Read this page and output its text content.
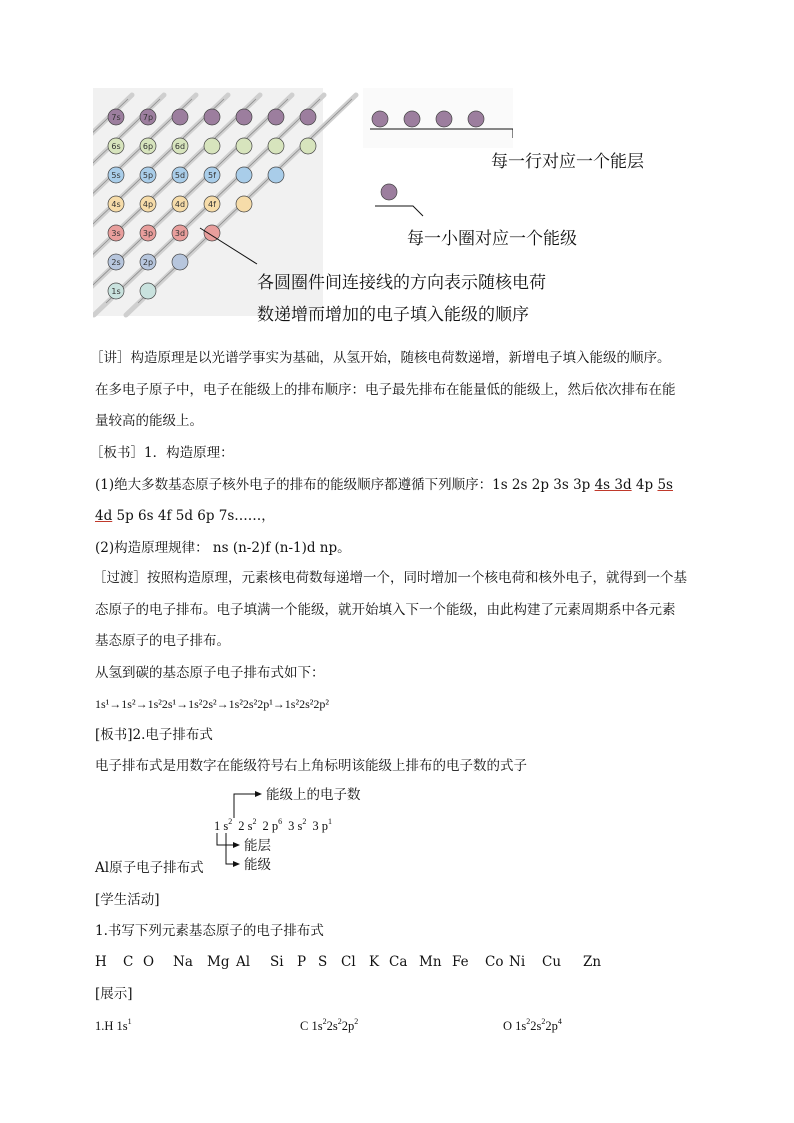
7s	7p
6s	6p	6d
5s	5p	5d	5f
4s	4p	4d	4f
3s	3p	3d
2s	2p
1s
每一行对应一个能层
每一小圈对应一个能级
各圆圈件间连接线的方向表示随核电荷
数递增而增加的电子填入能级的顺序
［讲］构造原理是以光谱学事实为基础，从氢开始，随核电荷数递增，新增电子填入能级的顺序。
在多电子原子中，电子在能级上的排布顺序：电子最先排布在能量低的能级上，然后依次排布在能
量较高的能级上。
［板书］1．构造原理：
(1)绝大多数基态原子核外电子的排布的能级顺序都遵循下列顺序：1s 2s 2p 3s 3p 4s 3d 4p 5s
4d 5p 6s 4f 5d 6p 7s……，
(2)构造原理规律： ns (n-2)f (n-1)d np。
［过渡］按照构造原理，元素核电荷数每递增一个，同时增加一个核电荷和核外电子，就得到一个基
态原子的电子排布。电子填满一个能级，就开始填入下一个能级，由此构建了元素周期系中各元素
基态原子的电子排布。
从氢到碳的基态原子电子排布式如下：
1s¹→1s²→1s²2s¹→1s²2s²→1s²2s²2p¹→1s²2s²2p²
[板书]2.电子排布式
电子排布式是用数字在能级符号右上角标明该能级上排布的电子数的式子
能级上的电子数
1 $s^2$ 2 $s^2$ 2 $p^6$ 3 $s^2$ 3 $p^1$
能层
能级
Al原子电子排布式
[学生活动]
1.书写下列元素基态原子的电子排布式
H C O Na Mg Al Si P S Cl K Ca Mn Fe Co Ni Cu Zn
[展示]
1.H $1s^1$	C $1s^22s^22p^2$	O $1s^22s^22p^4$
